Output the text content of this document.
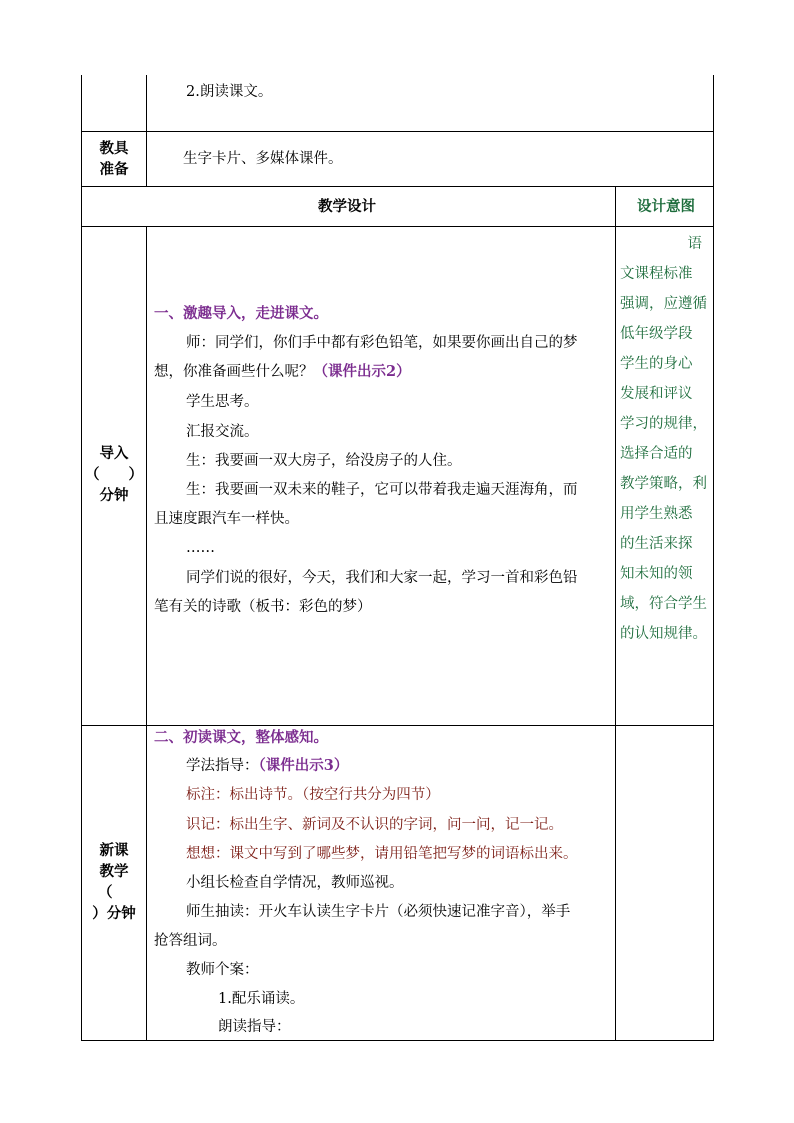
2.朗读课文。
教具
准备
生字卡片、多媒体课件。
教学设计	设计意图
导入
（　　）
分钟
一、激趣导入，走进课文。
师：同学们，你们手中都有彩色铅笔，如果要你画出自己的梦
想，你准备画些什么呢？（课件出示2）
学生思考。
汇报交流。
生：我要画一双大房子，给没房子的人住。
生：我要画一双未来的鞋子，它可以带着我走遍天涯海角，而
且速度跟汽车一样快。
……
同学们说的很好，今天，我们和大家一起，学习一首和彩色铅
笔有关的诗歌（板书：彩色的梦）
语
文课程标准
强调，应遵循
低年级学段
学生的身心
发展和评议
学习的规律，
选择合适的
教学策略，利
用学生熟悉
的生活来探
知未知的领
域，符合学生
的认知规律。
新课
教学
（
）分钟
二、初读课文，整体感知。
学法指导：（课件出示3）
标注：标出诗节。（按空行共分为四节）
识记：标出生字、新词及不认识的字词，问一问，记一记。
想想：课文中写到了哪些梦，请用铅笔把写梦的词语标出来。
小组长检查自学情况，教师巡视。
师生抽读：开火车认读生字卡片（必须快速记准字音），举手
抢答组词。
教师个案：
1.配乐诵读。
朗读指导：
